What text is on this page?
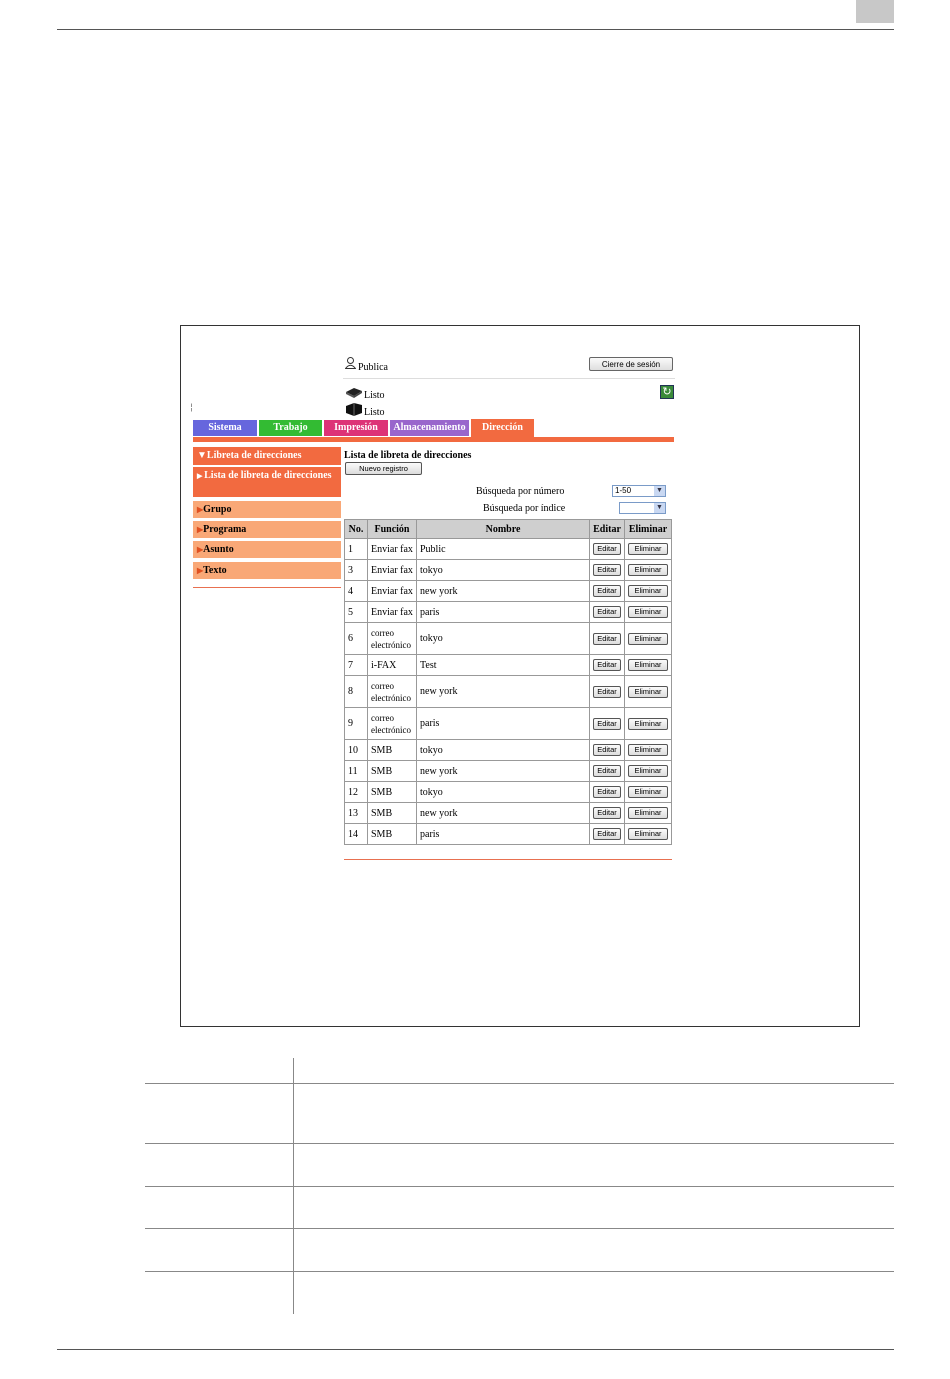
Publica	Cierre de sesión
Listo
Listo
↻
¦
Sistema	Trabajo	Impresión	Almacenamiento	Dirección
▼Libreta de direcciones
▶ Lista de libreta de direcciones
▶Grupo
▶Programa
▶Asunto
▶Texto
Lista de libreta de direcciones
Nuevo registro
Búsqueda por número	1-50	▼
Búsqueda por índice	▼
No.	Función	Nombre	Editar	Eliminar
1	Enviar fax	Public	Editar	Eliminar
3	Enviar fax	tokyo	Editar	Eliminar
4	Enviar fax	new york	Editar	Eliminar
5	Enviar fax	paris	Editar	Eliminar
6	correo electrónico	tokyo	Editar	Eliminar
7	i-FAX	Test	Editar	Eliminar
8	correo electrónico	new york	Editar	Eliminar
9	correo electrónico	paris	Editar	Eliminar
10	SMB	tokyo	Editar	Eliminar
11	SMB	new york	Editar	Eliminar
12	SMB	tokyo	Editar	Eliminar
13	SMB	new york	Editar	Eliminar
14	SMB	paris	Editar	Eliminar
